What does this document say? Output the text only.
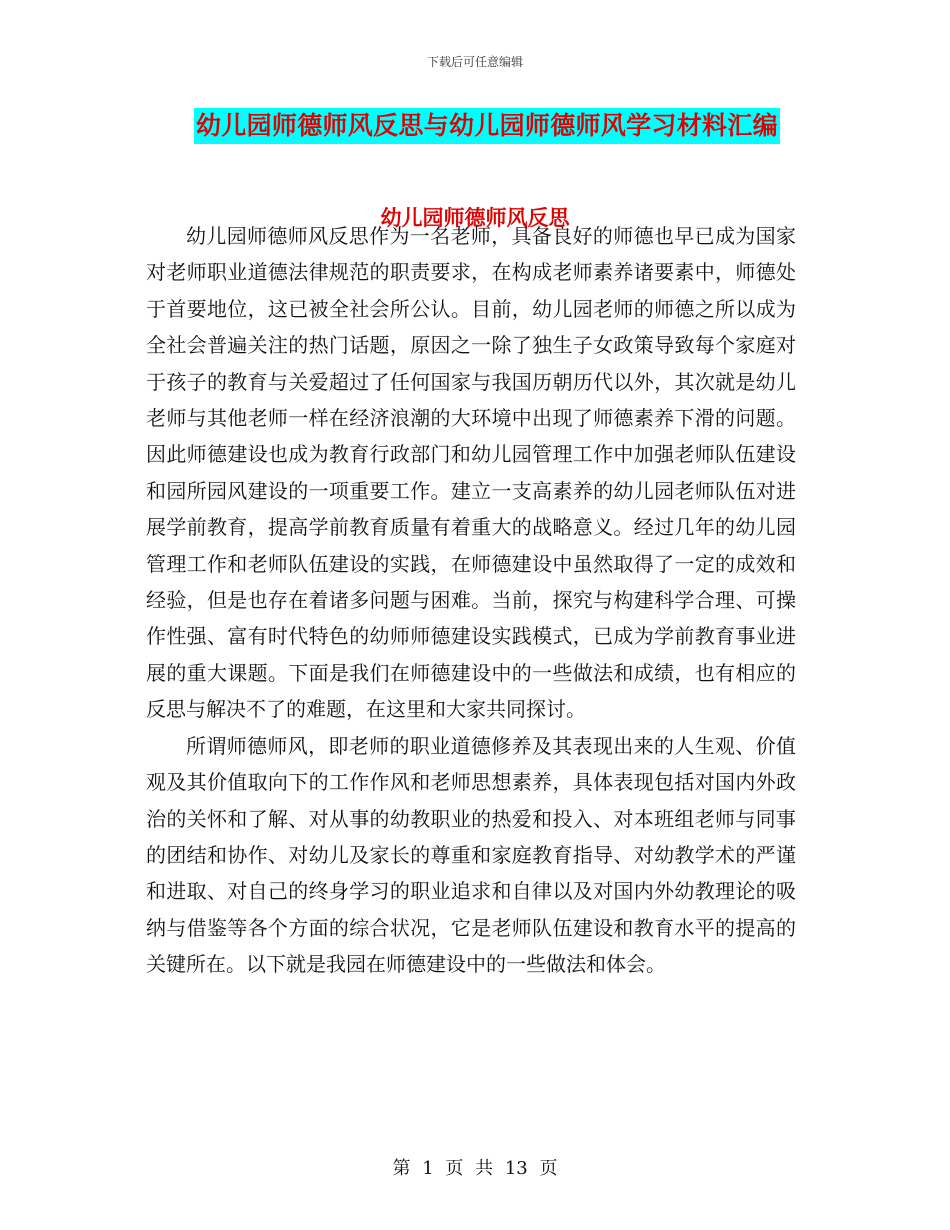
下载后可任意编辑
幼儿园师德师风反思与幼儿园师德师风学习材料汇编
幼儿园师德师风反思

幼儿园师德师风反思作为一名老师，具备良好的师德也早已成为国家对老师职业道德法律规范的职责要求，在构成老师素养诸要素中，师德处于首要地位，这已被全社会所公认。目前，幼儿园老师的师德之所以成为全社会普遍关注的热门话题，原因之一除了独生子女政策导致每个家庭对于孩子的教育与关爱超过了任何国家与我国历朝历代以外，其次就是幼儿老师与其他老师一样在经济浪潮的大环境中出现了师德素养下滑的问题。因此师德建设也成为教育行政部门和幼儿园管理工作中加强老师队伍建设和园所园风建设的一项重要工作。建立一支高素养的幼儿园老师队伍对进展学前教育，提高学前教育质量有着重大的战略意义。经过几年的幼儿园管理工作和老师队伍建设的实践，在师德建设中虽然取得了一定的成效和经验，但是也存在着诸多问题与困难。当前，探究与构建科学合理、可操作性强、富有时代特色的幼师师德建设实践模式，已成为学前教育事业进展的重大课题。下面是我们在师德建设中的一些做法和成绩，也有相应的反思与解决不了的难题，在这里和大家共同探讨。

所谓师德师风，即老师的职业道德修养及其表现出来的人生观、价值观及其价值取向下的工作作风和老师思想素养，具体表现包括对国内外政治的关怀和了解、对从事的幼教职业的热爱和投入、对本班组老师与同事的团结和协作、对幼儿及家长的尊重和家庭教育指导、对幼教学术的严谨和进取、对自己的终身学习的职业追求和自律以及对国内外幼教理论的吸纳与借鉴等各个方面的综合状况，它是老师队伍建设和教育水平的提高的关键所在。以下就是我园在师德建设中的一些做法和体会。

第 1 页 共 13 页
